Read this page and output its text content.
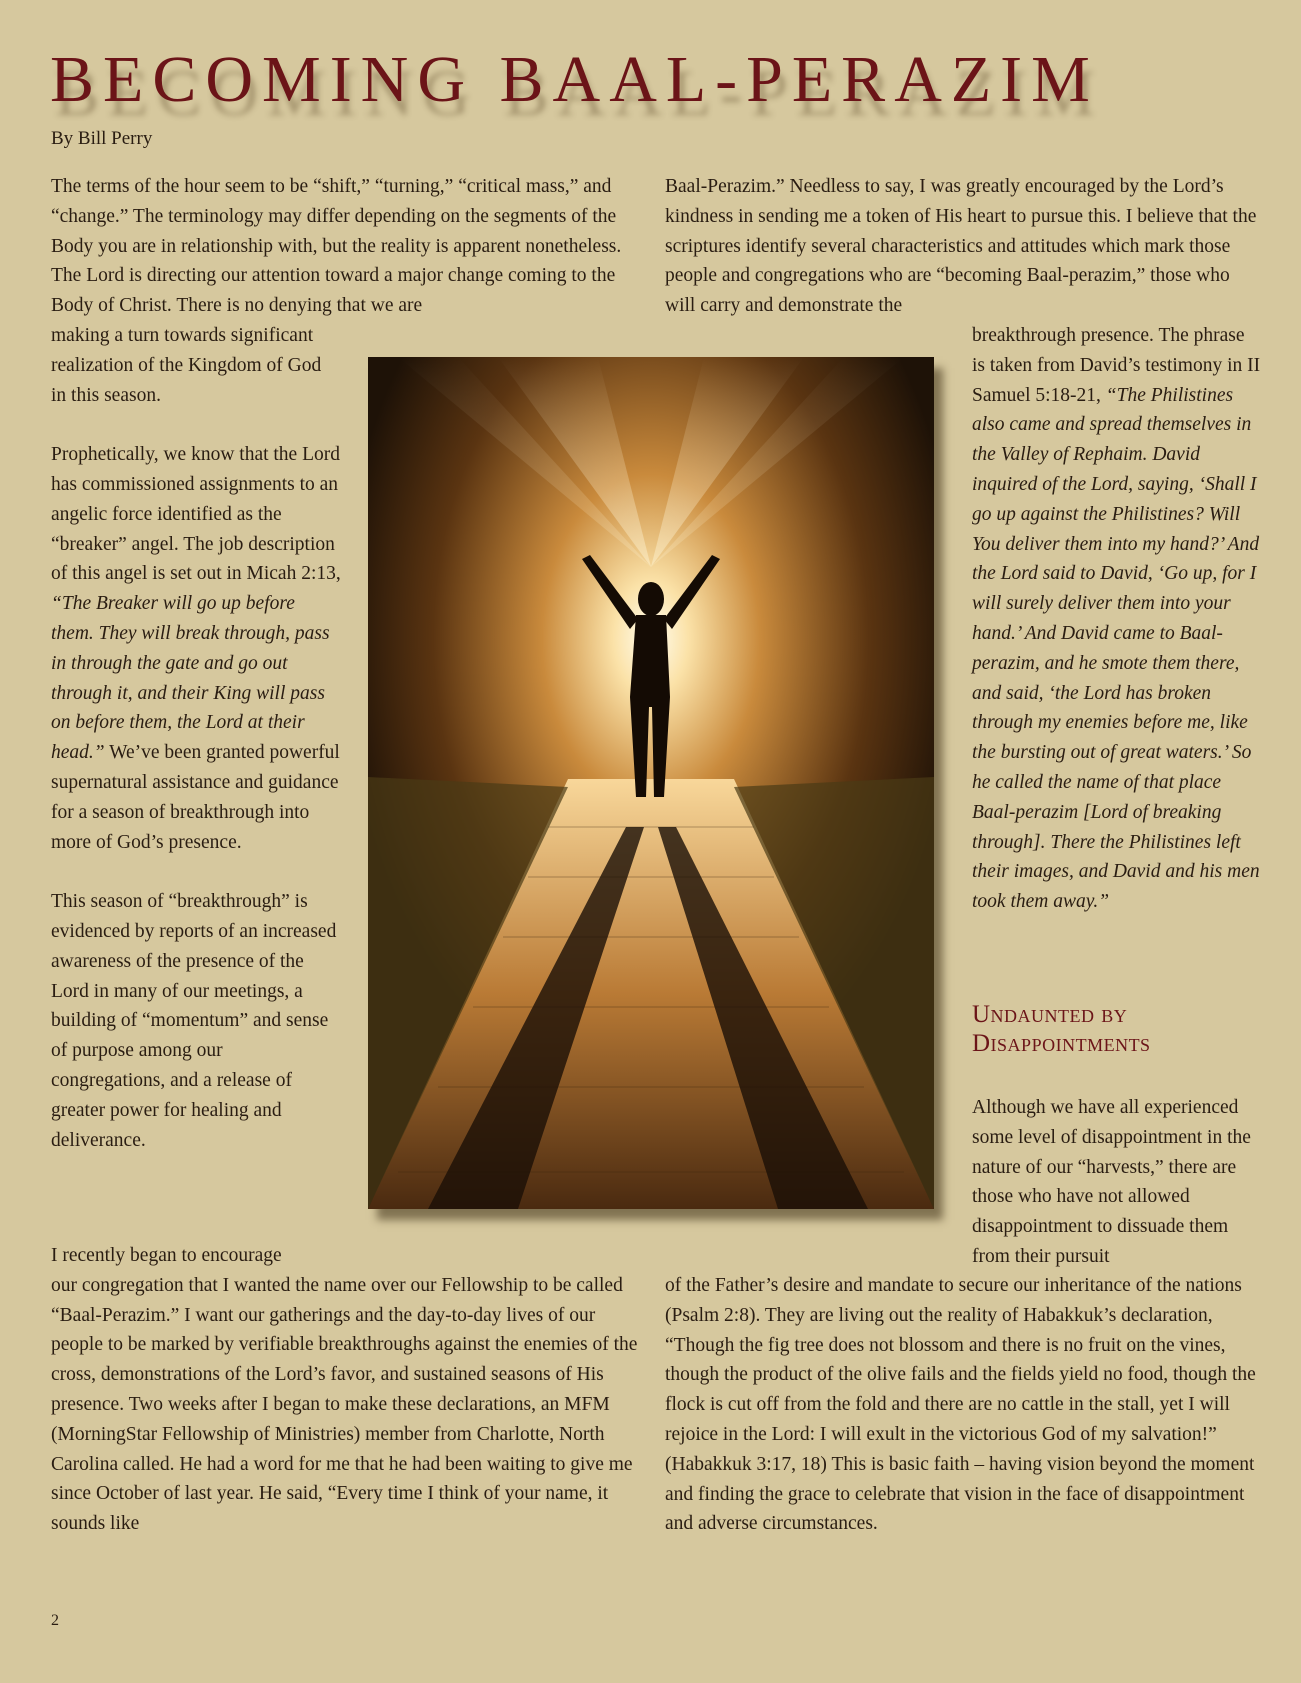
BECOMING BAAL-PERAZIM

By Bill Perry

The terms of the hour seem to be “shift,” “turning,” “critical mass,” and “change.” The terminology may differ depending on the segments of the Body you are in relationship with, but the reality is apparent nonetheless. The Lord is directing our attention toward a major change coming to the Body of Christ. There is no denying that we are

making a turn towards significant realization of the Kingdom of God in this season.

Prophetically, we know that the Lord has commissioned assignments to an angelic force identified as the “breaker” angel. The job description of this angel is set out in Micah 2:13, “The Breaker will go up before them. They will break through, pass in through the gate and go out through it, and their King will pass on before them, the Lord at their head.” We’ve been granted powerful supernatural assistance and guidance for a season of breakthrough into more of God’s presence.

This season of “breakthrough” is evidenced by reports of an increased awareness of the presence of the Lord in many of our meetings, a building of “momentum” and sense of purpose among our congregations, and a release of greater power for healing and deliverance.

I recently began to encourage

our congregation that I wanted the name over our Fellowship to be called “Baal-Perazim.” I want our gatherings and the day-to-day lives of our people to be marked by verifiable breakthroughs against the enemies of the cross, demonstrations of the Lord’s favor, and sustained seasons of His presence. Two weeks after I began to make these declarations, an MFM (MorningStar Fellowship of Ministries) member from Charlotte, North Carolina called. He had a word for me that he had been waiting to give me since October of last year. He said, “Every time I think of your name, it sounds like

Baal-Perazim.” Needless to say, I was greatly encouraged by the Lord’s kindness in sending me a token of His heart to pursue this. I believe that the scriptures identify several characteristics and attitudes which mark those people and congregations who are “becoming Baal-perazim,” those who will carry and demonstrate the

breakthrough presence. The phrase is taken from David’s testimony in II Samuel 5:18-21, “The Philistines also came and spread themselves in the Valley of Rephaim. David inquired of the Lord, saying, ‘Shall I go up against the Philistines? Will You deliver them into my hand?’ And the Lord said to David, ‘Go up, for I will surely deliver them into your hand.’ And David came to Baal-perazim, and he smote them there, and said, ‘the Lord has broken through my enemies before me, like the bursting out of great waters.’ So he called the name of that place Baal-perazim [Lord of breaking through]. There the Philistines left their images, and David and his men took them away.”

Undaunted by Disappointments

Although we have all experienced some level of disappointment in the nature of our “harvests,” there are those who have not allowed disappointment to dissuade them from their pursuit

of the Father’s desire and mandate to secure our inheritance of the nations (Psalm 2:8). They are living out the reality of Habakkuk’s declaration, “Though the fig tree does not blossom and there is no fruit on the vines, though the product of the olive fails and the fields yield no food, though the flock is cut off from the fold and there are no cattle in the stall, yet I will rejoice in the Lord: I will exult in the victorious God of my salvation!” (Habakkuk 3:17, 18) This is basic faith – having vision beyond the moment and finding the grace to celebrate that vision in the face of disappointment and adverse circumstances.

2
